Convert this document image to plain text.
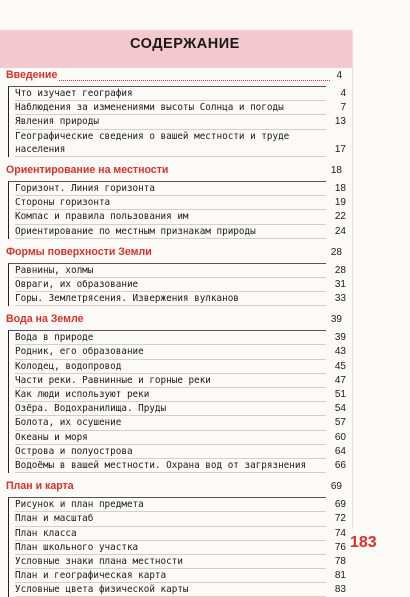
СОДЕРЖАНИЕ
Введение	4
Что изучает география	4
Наблюдения за изменениями высоты Солнца и погоды	7
Явления природы	13
Географические сведения о вашей местности и труде населения	17
Ориентирование на местности	18
Горизонт. Линия горизонта	18
Стороны горизонта	19
Компас и правила пользования им	22
Ориентирование по местным признакам природы	24
Формы поверхности Земли	28
Равнины, холмы	28
Овраги, их образование	31
Горы. Землетрясения. Извержения вулканов	33
Вода на Земле	39
Вода в природе	39
Родник, его образование	43
Колодец, водопровод	45
Части реки. Равнинные и горные реки	47
Как люди используют реки	51
Озёра. Водохранилища. Пруды	54
Болота, их осушение	57
Океаны и моря	60
Острова и полуострова	64
Водоёмы в вашей местности. Охрана вод от загрязнения	66
План и карта	69
Рисунок и план предмета	69
План и масштаб	72
План класса	74
План школьного участка	76
Условные знаки плана местности	78
План и географическая карта	81
Условные цвета физической карты	83
183
